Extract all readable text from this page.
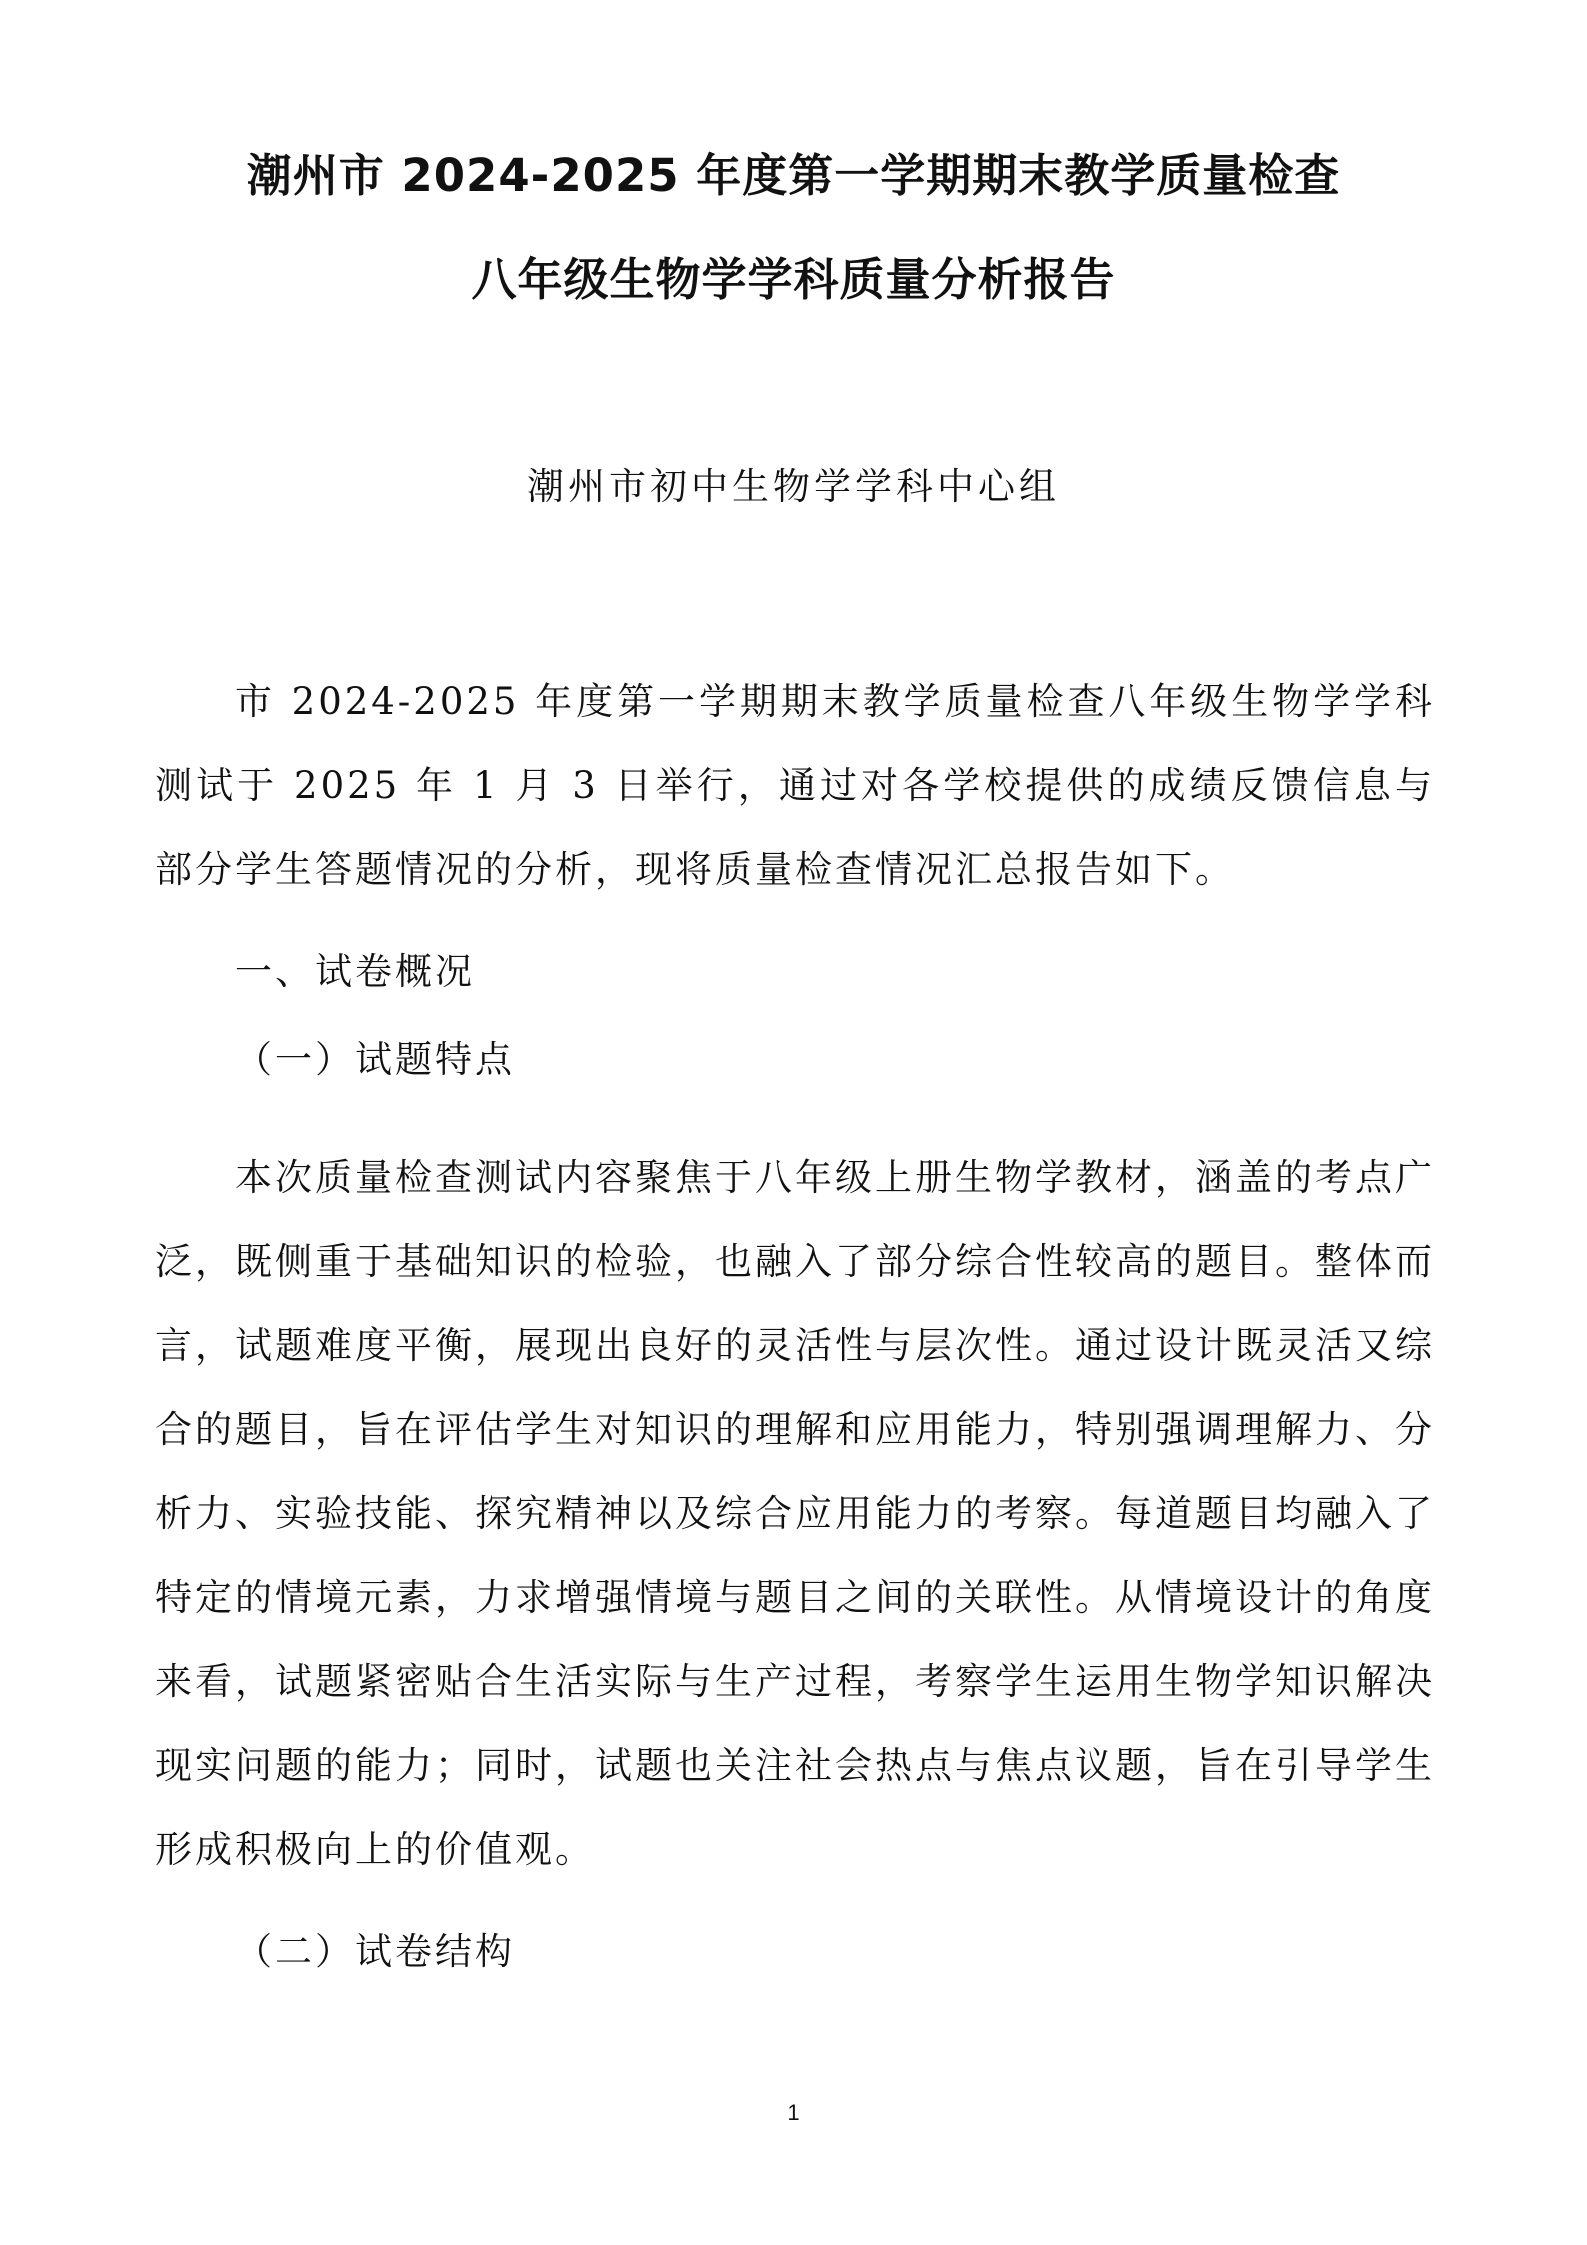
潮州市 2024-2025 年度第一学期期末教学质量检查
八年级生物学学科质量分析报告
潮州市初中生物学学科中心组

市 2024-2025 年度第一学期期末教学质量检查八年级生物学学科测试于 2025 年 1 月 3 日举行，通过对各学校提供的成绩反馈信息与部分学生答题情况的分析，现将质量检查情况汇总报告如下。

一、试卷概况

（一）试题特点

本次质量检查测试内容聚焦于八年级上册生物学教材，涵盖的考点广泛，既侧重于基础知识的检验，也融入了部分综合性较高的题目。整体而言，试题难度平衡，展现出良好的灵活性与层次性。通过设计既灵活又综合的题目，旨在评估学生对知识的理解和应用能力，特别强调理解力、分析力、实验技能、探究精神以及综合应用能力的考察。每道题目均融入了特定的情境元素，力求增强情境与题目之间的关联性。从情境设计的角度来看，试题紧密贴合生活实际与生产过程，考察学生运用生物学知识解决现实问题的能力；同时，试题也关注社会热点与焦点议题，旨在引导学生形成积极向上的价值观。

（二）试卷结构

1
